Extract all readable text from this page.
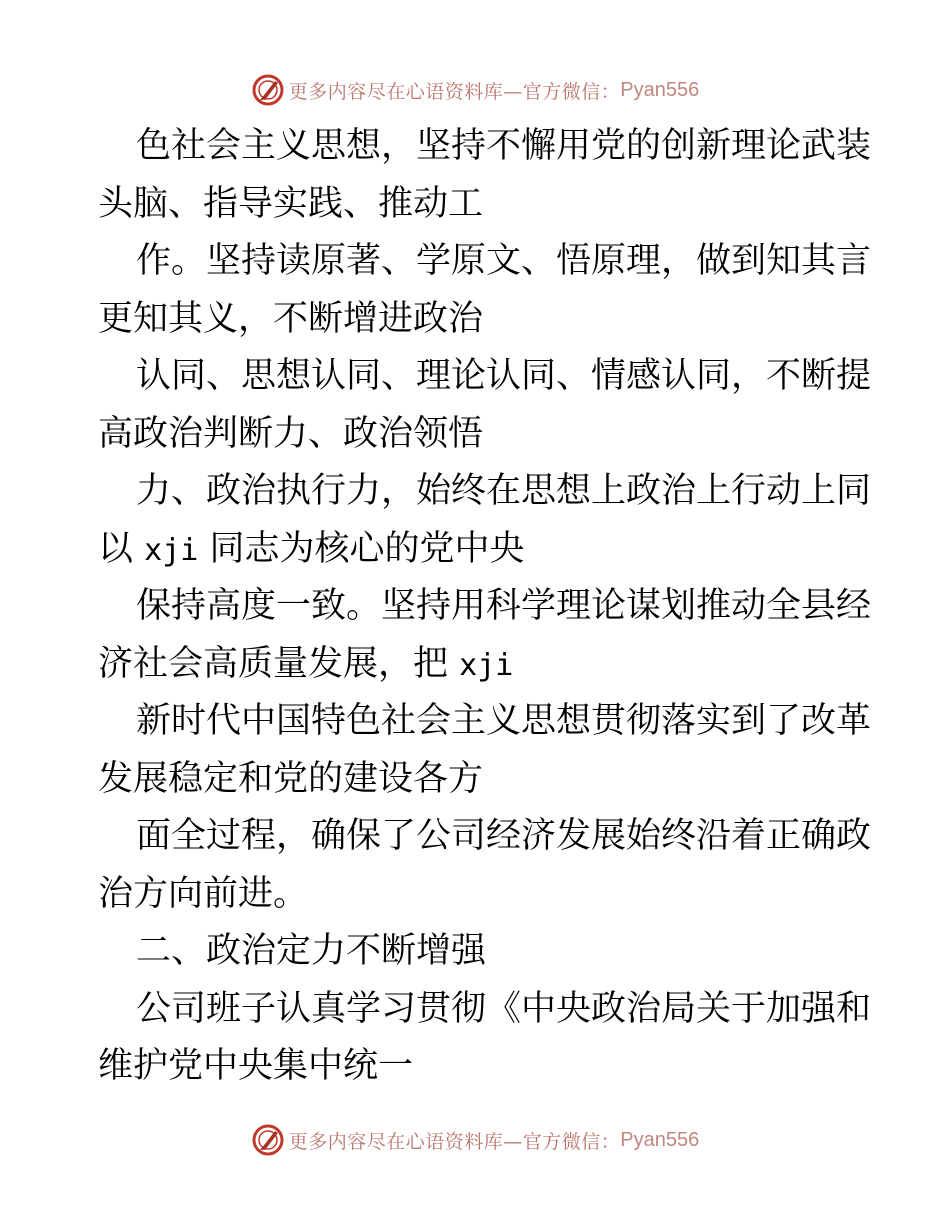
更多内容尽在心语资料库—官方微信： Pyan556
色社会主义思想，坚持不懈用党的创新理论武装
头脑、指导实践、推动工
作。坚持读原著、学原文、悟原理，做到知其言
更知其义，不断增进政治
认同、思想认同、理论认同、情感认同，不断提
高政治判断力、政治领悟
力、政治执行力，始终在思想上政治上行动上同
以 xji 同志为核心的党中央
保持高度一致。坚持用科学理论谋划推动全县经
济社会高质量发展，把 xji
新时代中国特色社会主义思想贯彻落实到了改革
发展稳定和党的建设各方
面全过程，确保了公司经济发展始终沿着正确政
治方向前进。
二、政治定力不断增强
公司班子认真学习贯彻《中央政治局关于加强和
维护党中央集中统一
更多内容尽在心语资料库—官方微信： Pyan556
